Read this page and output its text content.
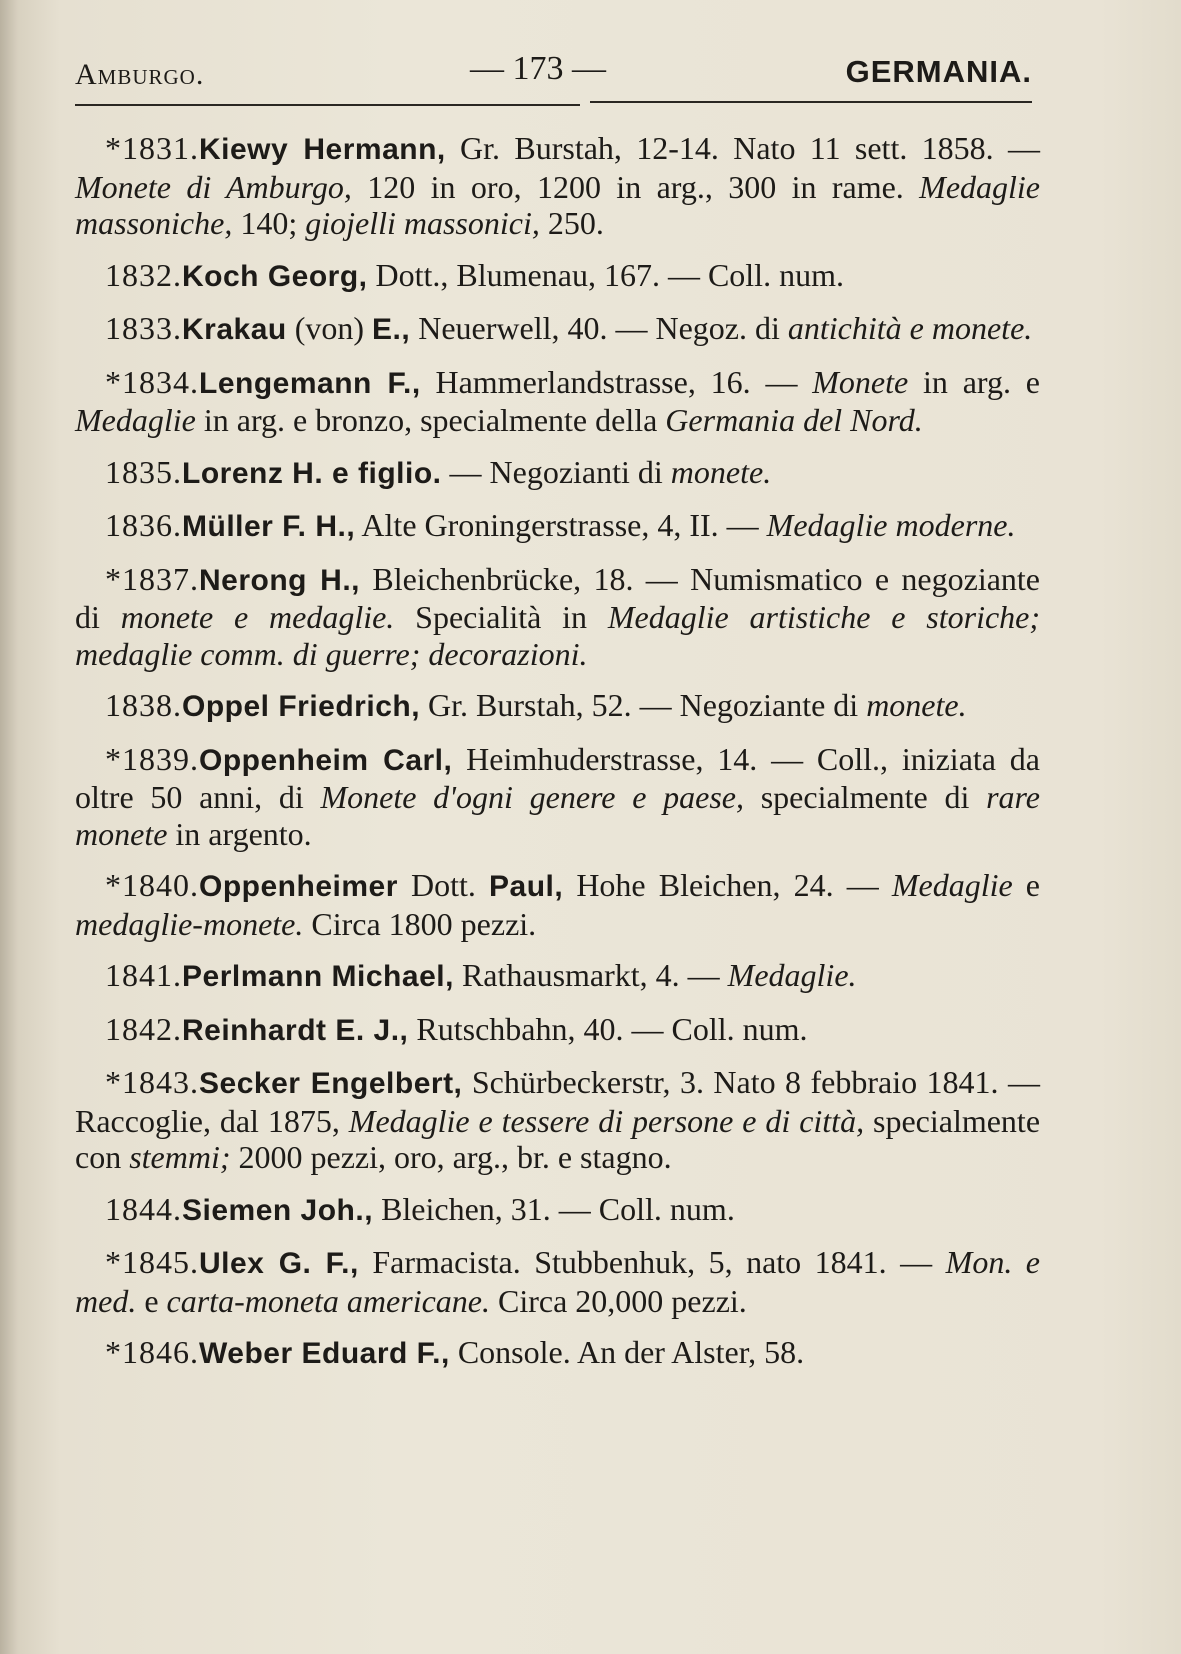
Amburgo.	— 173 —	GERMANIA.

*1831.Kiewy Hermann, Gr. Burstah, 12-14. Nato 11 sett. 1858. — Monete di Amburgo, 120 in oro, 1200 in arg., 300 in rame. Medaglie massoniche, 140; giojelli massonici, 250.

1832.Koch Georg, Dott., Blumenau, 167. — Coll. num.

1833.Krakau (von) E., Neuerwell, 40. — Negoz. di antichità e monete.

*1834.Lengemann F., Hammerlandstrasse, 16. — Monete in arg. e Medaglie in arg. e bronzo, specialmente della Germania del Nord.

1835.Lorenz H. e figlio. — Negozianti di monete.

1836.Müller F. H., Alte Groningerstrasse, 4, II. — Medaglie moderne.

*1837.Nerong H., Bleichenbrücke, 18. — Numismatico e negoziante di monete e medaglie. Specialità in Medaglie artistiche e storiche; medaglie comm. di guerre; decorazioni.

1838.Oppel Friedrich, Gr. Burstah, 52. — Negoziante di monete.

*1839.Oppenheim Carl, Heimhuderstrasse, 14. — Coll., iniziata da oltre 50 anni, di Monete d'ogni genere e paese, specialmente di rare monete in argento.

*1840.Oppenheimer Dott. Paul, Hohe Bleichen, 24. — Medaglie e medaglie-monete. Circa 1800 pezzi.

1841.Perlmann Michael, Rathausmarkt, 4. — Medaglie.

1842.Reinhardt E. J., Rutschbahn, 40. — Coll. num.

*1843.Secker Engelbert, Schürbeckerstr, 3. Nato 8 febbraio 1841. — Raccoglie, dal 1875, Medaglie e tessere di persone e di città, specialmente con stemmi; 2000 pezzi, oro, arg., br. e stagno.

1844.Siemen Joh., Bleichen, 31. — Coll. num.

*1845.Ulex G. F., Farmacista. Stubbenhuk, 5, nato 1841. — Mon. e med. e carta-moneta americane. Circa 20,000 pezzi.

*1846.Weber Eduard F., Console. An der Alster, 58.
